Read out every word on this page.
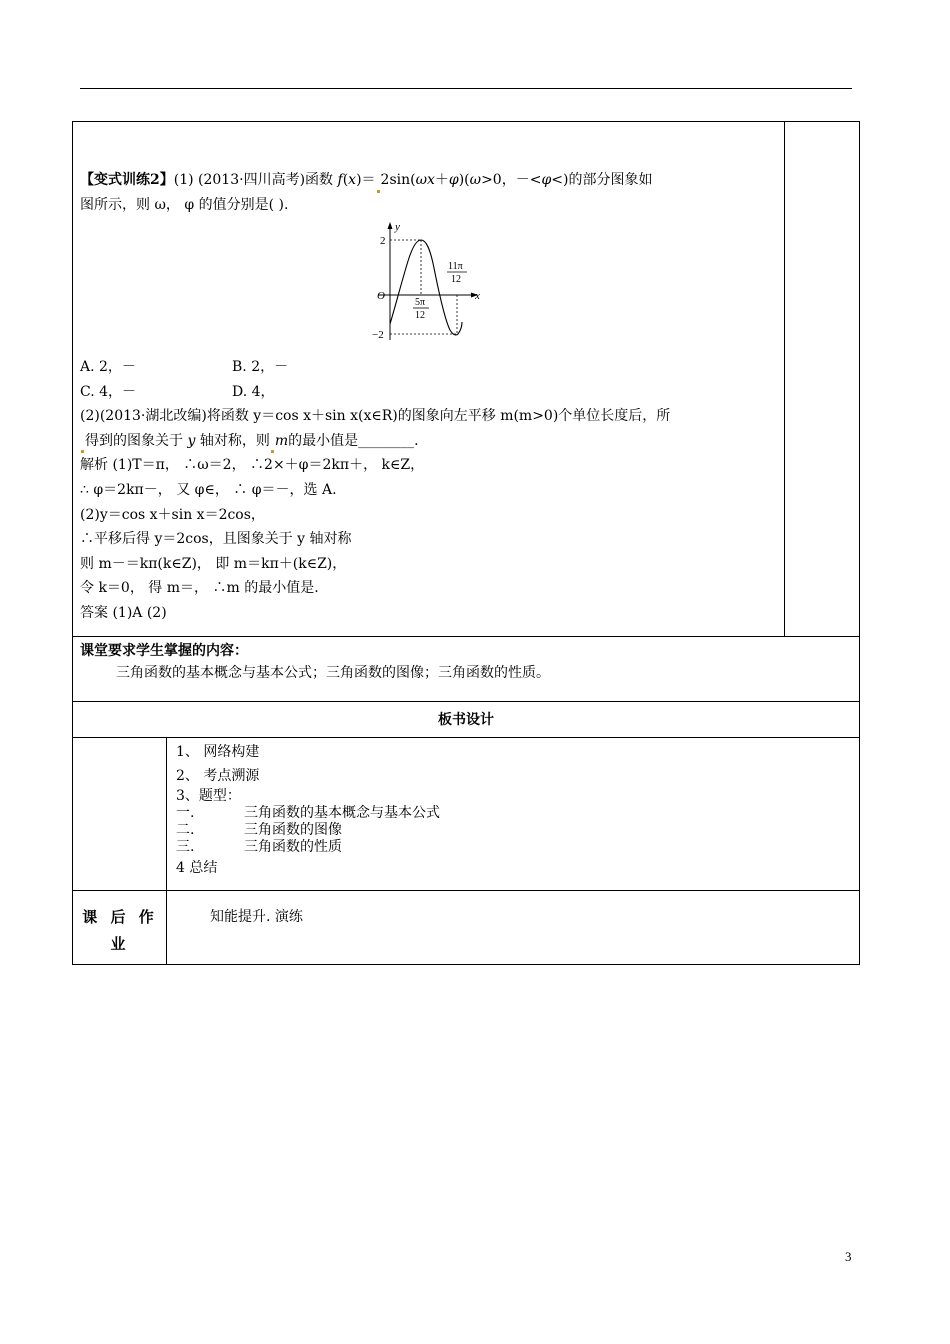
【变式训练2】(1) (2013·四川高考)函数 f(x)＝ 2sin(ωx＋φ)(ω>0，－<φ<)的部分图象如

图所示，则 ω， φ 的值分别是( ).

y
x
O
2
−2
5π
12
11π
12

A. 2，－	B. 2，－

C. 4，－	D. 4，

(2)(2013·湖北改编)将函数 y＝cos x＋sin x(x∈R)的图象向左平移 m(m>0)个单位长度后，所

得到的图象关于 y 轴对称，则 m的最小值是________.

解析 (1)T＝π， ∴ω＝2， ∴2×＋φ＝2kπ＋， k∈Z，

∴ φ＝2kπ－， 又 φ∈， ∴ φ＝－，选 A.

(2)y＝cos x＋sin x＝2cos，

∴平移后得 y＝2cos，且图象关于 y 轴对称

则 m－＝kπ(k∈Z)， 即 m＝kπ＋(k∈Z)，

令 k＝0， 得 m＝， ∴m 的最小值是.

答案 (1)A (2)

课堂要求学生掌握的内容：
三角函数的基本概念与基本公式；三角函数的图像；三角函数的性质。
板书设计
1、 网络构建
2、 考点溯源
3、题型：
一.	三角函数的基本概念与基本公式
二.	三角函数的图像
三.	三角函数的性质
4 总结
课 后 作 业
知能提升. 演练
3
